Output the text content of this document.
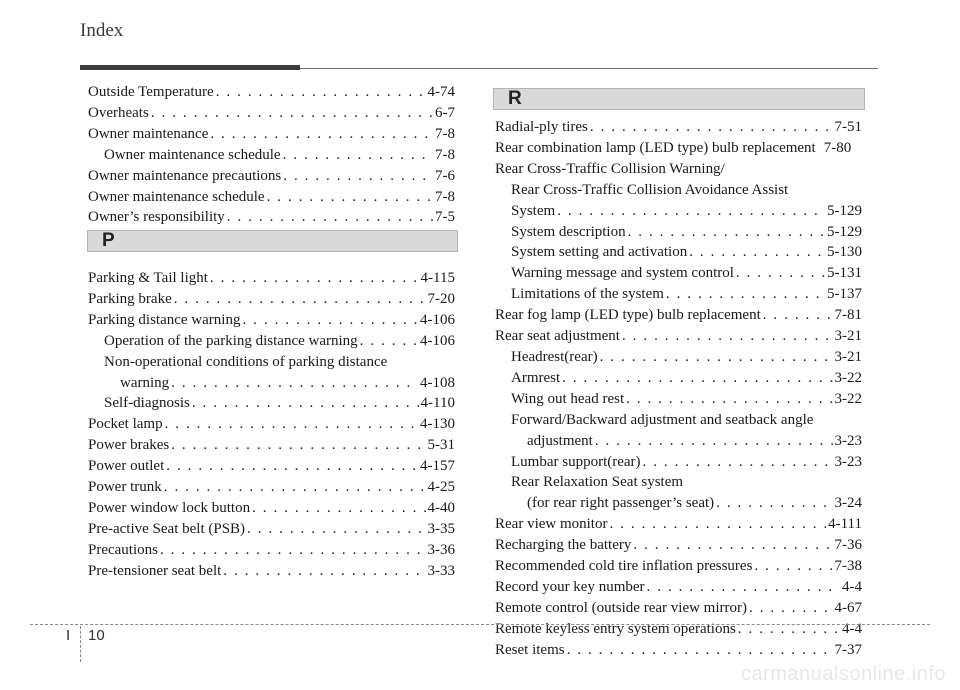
Index
Outside Temperature . . .	4-74
Overheats . . .	6-7
Owner maintenance . . .	7-8
Owner maintenance schedule . . .	7-8
Owner maintenance precautions . . .	7-6
Owner maintenance schedule . . .	7-8
Owner’s responsibility . . .	7-5
P
Parking & Tail light . . .	4-115
Parking brake . . .	7-20
Parking distance warning . . .	4-106
Operation of the parking distance warning . . .	4-106
Non-operational conditions of parking distance
warning . . .	4-108
Self-diagnosis . . .	4-110
Pocket lamp . . .	4-130
Power brakes . . .	5-31
Power outlet . . .	4-157
Power trunk . . .	4-25
Power window lock button . . .	4-40
Pre-active Seat belt (PSB) . . .	3-35
Precautions . . .	3-36
Pre-tensioner seat belt . . .	3-33
R
Radial-ply tires . . .	7-51
Rear combination lamp (LED type) bulb replacement 7-80
Rear Cross-Traffic Collision Warning/
Rear Cross-Traffic Collision Avoidance Assist
System . . .	5-129
System description . . .	5-129
System setting and activation . . .	5-130
Warning message and system control . . .	5-131
Limitations of the system . . .	5-137
Rear fog lamp (LED type) bulb replacement . . .	7-81
Rear seat adjustment . . .	3-21
Headrest(rear) . . .	3-21
Armrest . . .	3-22
Wing out head rest . . .	3-22
Forward/Backward adjustment and seatback angle
adjustment . . .	3-23
Lumbar support(rear) . . .	3-23
Rear Relaxation Seat system
(for rear right passenger’s seat) . . .	3-24
Rear view monitor . . .	4-111
Recharging the battery . . .	7-36
Recommended cold tire inflation pressures . . .	7-38
Record your key number . . .	4-4
Remote control (outside rear view mirror) . . .	4-67
Remote keyless entry system operations . . .	4-4
Reset items . . .	7-37
I 10
carmanualsonline.info
